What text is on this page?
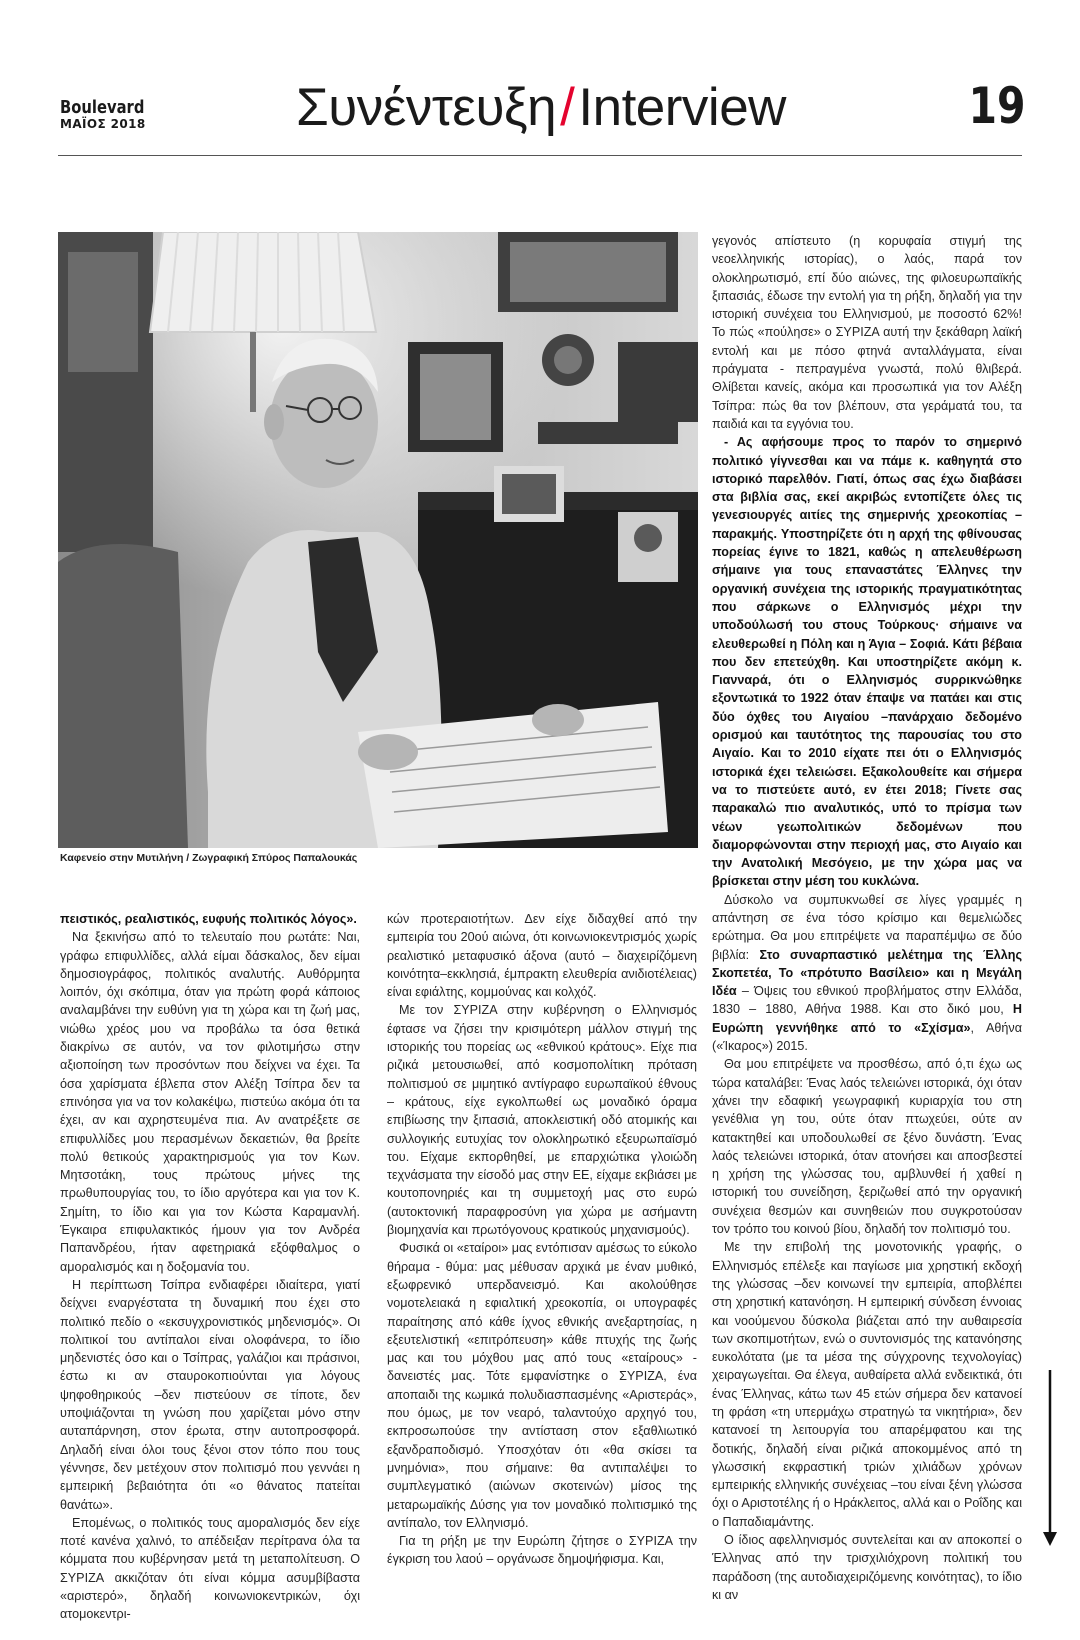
Boulevard
ΜΑΪΟΣ 2018	Συνέντευξη/Interview	19
Καφενείο στην Μυτιλήνη / Ζωγραφική Σπύρος Παπαλουκάς

πειστικός, ρεαλιστικός, ευφυής πολιτικός λόγος».

Να ξεκινήσω από το τελευταίο που ρωτάτε: Ναι, γράφω επιφυλλίδες, αλλά είμαι δάσκαλος, δεν είμαι δημοσιογράφος, πολιτικός αναλυτής. Αυθόρμητα λοιπόν, όχι σκόπιμα, όταν για πρώτη φορά κάποιος αναλαμβάνει την ευθύνη για τη χώρα και τη ζωή μας, νιώθω χρέος μου να προβάλω τα όσα θετικά διακρίνω σε αυτόν, να τον φιλοτιμήσω στην αξιοποίηση των προσόντων που δείχνει να έχει. Τα όσα χαρίσματα έβλεπα στον Αλέξη Τσίπρα δεν τα επινόησα για να τον κολακέψω, πιστεύω ακόμα ότι τα έχει, αν και αχρηστευμένα πια. Αν ανατρέξετε σε επιφυλλίδες μου περασμένων δεκαετιών, θα βρείτε πολύ θετικούς χαρακτηρισμούς για τον Κων. Μητσοτάκη, τους πρώτους μήνες της πρωθυπουργίας του, το ίδιο αργότερα και για τον Κ. Σημίτη, το ίδιο και για τον Κώστα Καραμανλή. Έγκαιρα επιφυλακτικός ήμουν για τον Ανδρέα Παπανδρέου, ήταν αφετηριακά εξόφθαλμος ο αμοραλισμός και η δοξομανία του.

Η περίπτωση Τσίπρα ενδιαφέρει ιδιαίτερα, γιατί δείχνει εναργέστατα τη δυναμική που έχει στο πολιτικό πεδίο ο «εκσυγχρονιστικός μηδενισμός». Οι πολιτικοί του αντίπαλοι είναι ολοφάνερα, το ίδιο μηδενιστές όσο και ο Τσίπρας, γαλάζιοι και πράσινοι, έστω κι αν σταυροκοπιούνται για λόγους ψηφοθηρικούς –δεν πιστεύουν σε τίποτε, δεν υποψιάζονται τη γνώση που χαρίζεται μόνο στην αυταπάρνηση, στον έρωτα, στην αυτοπροσφορά. Δηλαδή είναι όλοι τους ξένοι στον τόπο που τους γέννησε, δεν μετέχουν στον πολιτισμό που γεννάει η εμπειρική βεβαιότητα ότι «ο θάνατος πατείται θανάτω».

Επομένως, ο πολιτικός τους αμοραλισμός δεν είχε ποτέ κανένα χαλινό, το απέδειξαν περίτρανα όλα τα κόμματα που κυβέρνησαν μετά τη μεταπολίτευση. Ο ΣΥΡΙΖΑ ακκιζόταν ότι είναι κόμμα ασυμβίβαστα «αριστερό», δηλαδή κοινωνιοκεντρικών, όχι ατομοκεντρι-

κών προτεραιοτήτων. Δεν είχε διδαχθεί από την εμπειρία του 20ού αιώνα, ότι κοινωνιοκεντρισμός χωρίς ρεαλιστικό μεταφυσικό άξονα (αυτό – διαχειρίζόμενη κοινότητα–εκκλησιά, έμπρακτη ελευθερία ανιδιοτέλειας) είναι εφιάλτης, κομμούνας και κολχόζ.

Με τον ΣΥΡΙΖΑ στην κυβέρνηση ο Ελληνισμός έφτασε να ζήσει την κρισιμότερη μάλλον στιγμή της ιστορικής του πορείας ως «εθνικού κράτους». Είχε πια ριζικά μετουσιωθεί, από κοσμοπολίτικη πρόταση πολιτισμού σε μιμητικό αντίγραφο ευρωπαϊκού έθνους – κράτους, είχε εγκολπωθεί ως μοναδικό όραμα επιβίωσης την ξιπασιά, αποκλειστική οδό ατομικής και συλλογικής ευτυχίας τον ολοκληρωτικό εξευρωπαϊσμό του. Είχαμε εκπορθηθεί, με επαρχιώτικα γλοιώδη τεχνάσματα την είσοδό μας στην ΕΕ, είχαμε εκβιάσει με κουτοπονηριές και τη συμμετοχή μας στο ευρώ (αυτοκτονική παραφροσύνη για χώρα με ασήμαντη βιομηχανία και πρωτόγονους κρατικούς μηχανισμούς).

Φυσικά οι «εταίροι» μας εντόπισαν αμέσως το εύκολο θήραμα - θύμα: μας μέθυσαν αρχικά με έναν μυθικό, εξωφρενικό υπερδανεισμό. Και ακολούθησε νομοτελειακά η εφιαλτική χρεοκοπία, οι υπογραφές παραίτησης από κάθε ίχνος εθνικής ανεξαρτησίας, η εξευτελιστική «επιτρόπευση» κάθε πτυχής της ζωής μας και του μόχθου μας από τους «εταίρους» - δανειστές μας. Τότε εμφανίστηκε ο ΣΥΡΙΖΑ, ένα αποπαιδι της κωμικά πολυδιασπασμένης «Αριστεράς», που όμως, με τον νεαρό, ταλαντούχο αρχηγό του, εκπροσωπούσε την αντίσταση στον εξαθλιωτικό εξανδραποδισμό. Υποσχόταν ότι «θα σκίσει τα μνημόνια», που σήμαινε: θα αντιπαλέψει το συμπλεγματικό (αιώνων σκοτεινών) μίσος της μεταρωμαϊκής Δύσης για τον μοναδικό πολιτισμικό της αντίπαλο, τον Ελληνισμό.

Για τη ρήξη με την Ευρώπη ζήτησε ο ΣΥΡΙΖΑ την έγκριση του λαού – οργάνωσε δημοψήφισμα. Και,

γεγονός απίστευτο (η κορυφαία στιγμή της νεοελληνικής ιστορίας), ο λαός, παρά τον ολοκληρωτισμό, επί δύο αιώνες, της φιλοευρωπαϊκής ξιπασιάς, έδωσε την εντολή για τη ρήξη, δηλαδή για την ιστορική συνέχεια του Ελληνισμού, με ποσοστό 62%! Το πώς «πούλησε» ο ΣΥΡΙΖΑ αυτή την ξεκάθαρη λαϊκή εντολή και με πόσο φτηνά ανταλλάγματα, είναι πράγματα - πεπραγμένα γνωστά, πολύ θλιβερά. Θλίβεται κανείς, ακόμα και προσωπικά για τον Αλέξη Τσίπρα: πώς θα τον βλέπουν, στα γεράματά του, τα παιδιά και τα εγγόνια του.

- Ας αφήσουμε προς το παρόν το σημερινό πολιτικό γίγνεσθαι και να πάμε κ. καθηγητά στο ιστορικό παρελθόν. Γιατί, όπως σας έχω διαβάσει στα βιβλία σας, εκεί ακριβώς εντοπίζετε όλες τις γενεσιουργές αιτίες της σημερινής χρεοκοπίας – παρακμής. Υποστηρίζετε ότι η αρχή της φθίνουσας πορείας έγινε το 1821, καθώς η απελευθέρωση σήμαινε για τους επαναστάτες Έλληνες την οργανική συνέχεια της ιστορικής πραγματικότητας που σάρκωνε ο Ελληνισμός μέχρι την υποδούλωσή του στους Τούρκους· σήμαινε να ελευθερωθεί η Πόλη και η Άγια – Σοφιά. Κάτι βέβαια που δεν επετεύχθη. Και υποστηρίζετε ακόμη κ. Γιανναρά, ότι ο Ελληνισμός συρρικνώθηκε εξοντωτικά το 1922 όταν έπαψε να πατάει και στις δύο όχθες του Αιγαίου –πανάρχαιο δεδομένο ορισμού και ταυτότητος της παρουσίας του στο Αιγαίο. Και το 2010 είχατε πει ότι ο Ελληνισμός ιστορικά έχει τελειώσει. Εξακολουθείτε και σήμερα να το πιστεύετε αυτό, εν έτει 2018; Γίνετε σας παρακαλώ πιο αναλυτικός, υπό το πρίσμα των νέων γεωπολιτικών δεδομένων που διαμορφώνονται στην περιοχή μας, στο Αιγαίο και την Ανατολική Μεσόγειο, με την χώρα μας να βρίσκεται στην μέση του κυκλώνα.

Δύσκολο να συμπυκνωθεί σε λίγες γραμμές η απάντηση σε ένα τόσο κρίσιμο και θεμελιώδες ερώτημα. Θα μου επιτρέψετε να παραπέμψω σε δύο βιβλία: Στο συναρπαστικό μελέτημα της Έλλης Σκοπετέα, Το «πρότυπο Βασίλειο» και η Μεγάλη Ιδέα – Όψεις του εθνικού προβλήματος στην Ελλάδα, 1830 – 1880, Αθήνα 1988. Και στο δικό μου, Η Ευρώπη γεννήθηκε από το «Σχίσμα», Αθήνα («Ίκαρος») 2015.

Θα μου επιτρέψετε να προσθέσω, από ό,τι έχω ως τώρα καταλάβει: Ένας λαός τελειώνει ιστορικά, όχι όταν χάνει την εδαφική γεωγραφική κυριαρχία του στη γενέθλια γη του, ούτε όταν πτωχεύει, ούτε αν κατακτηθεί και υποδουλωθεί σε ξένο δυνάστη. Ένας λαός τελειώνει ιστορικά, όταν ατονήσει και αποσβεστεί η χρήση της γλώσσας του, αμβλυνθεί ή χαθεί η ιστορική του συνείδηση, ξεριζωθεί από την οργανική συνέχεια θεσμών και συνηθειών που συγκροτούσαν τον τρόπο του κοινού βίου, δηλαδή τον πολιτισμό του.

Με την επιβολή της μονοτονικής γραφής, ο Ελληνισμός επέλεξε και παγίωσε μια χρηστική εκδοχή της γλώσσας –δεν κοινωνεί την εμπειρία, αποβλέπει στη χρηστική κατανόηση. Η εμπειρική σύνδεση έννοιας και νοούμενου δύσκολα βιάζεται από την αυθαιρεσία των σκοπιμοτήτων, ενώ ο συντονισμός της κατανόησης ευκολότατα (με τα μέσα της σύγχρονης τεχνολογίας) χειραγωγείται. Θα έλεγα, αυθαίρετα αλλά ενδεικτικά, ότι ένας Έλληνας, κάτω των 45 ετών σήμερα δεν κατανοεί τη φράση «τη υπερμάχω στρατηγώ τα νικητήρια», δεν κατανοεί τη λειτουργία του απαρέμφατου και της δοτικής, δηλαδή είναι ριζικά αποκομμένος από τη γλωσσική εκφραστική τριών χιλιάδων χρόνων εμπειρικής ελληνικής συνέχειας –του είναι ξένη γλώσσα όχι ο Αριστοτέλης ή ο Ηράκλειτος, αλλά και ο Ροΐδης και ο Παπαδιαμάντης.

Ο ίδιος αφελληνισμός συντελείται και αν αποκοπεί ο Έλληνας από την τρισχιλιόχρονη πολιτική του παράδοση (της αυτοδιαχειριζόμενης κοινότητας), το ίδιο κι αν
